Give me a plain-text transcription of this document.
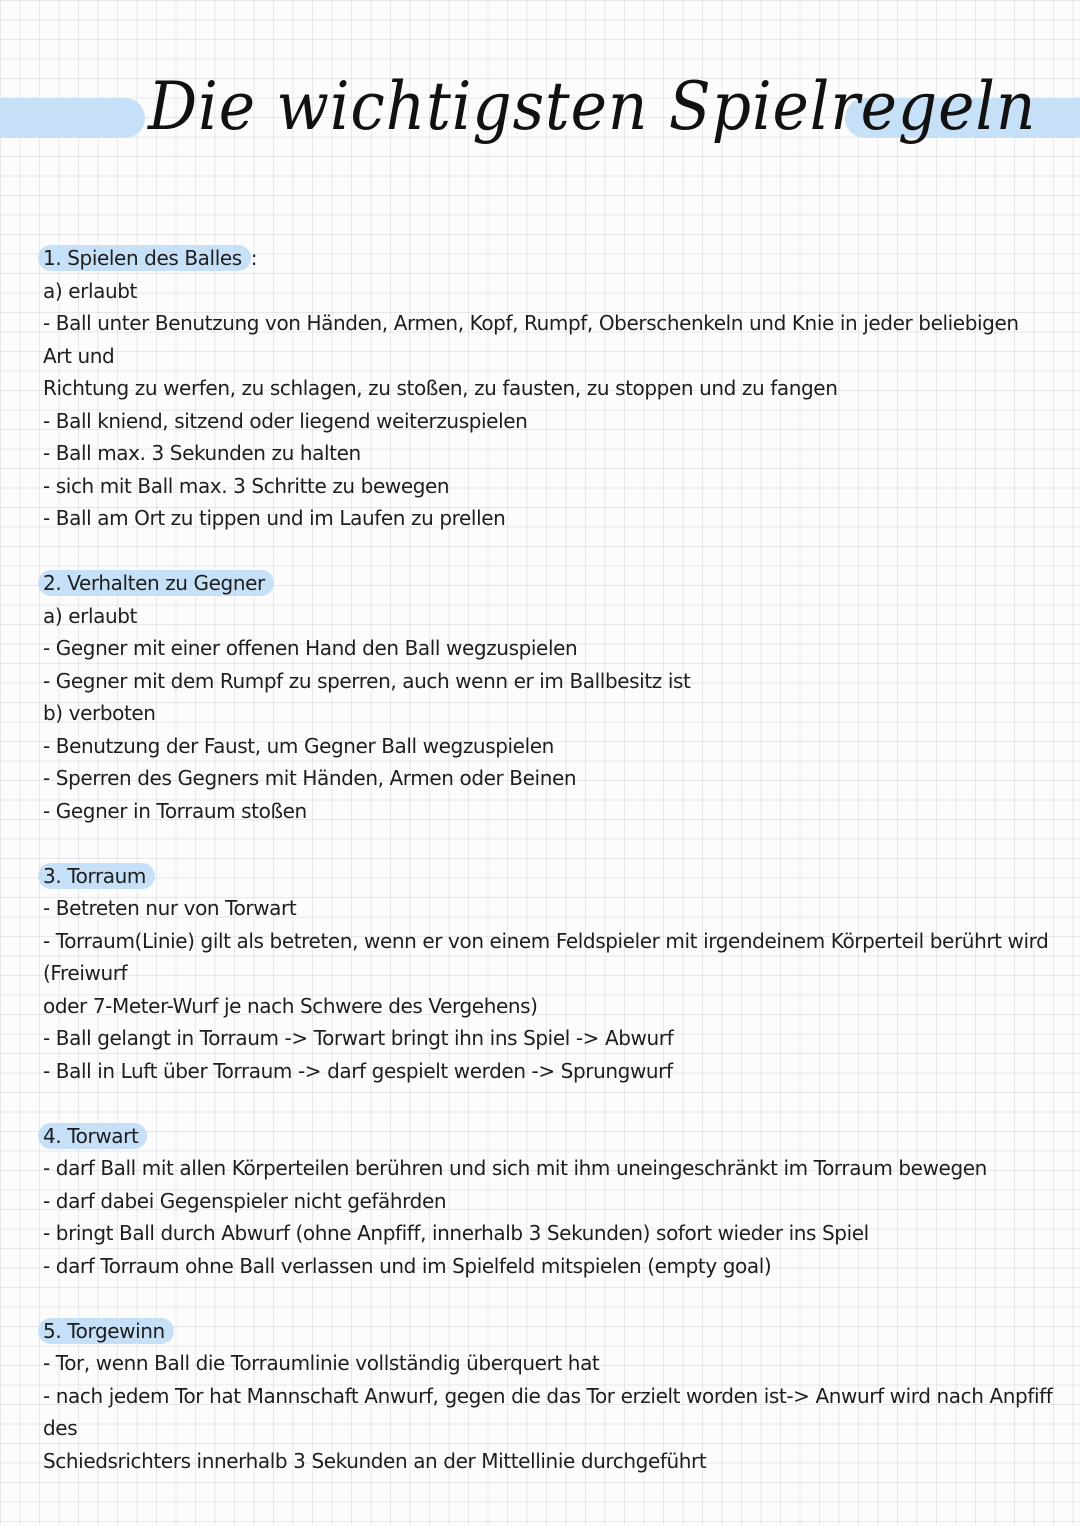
Die wichtigsten Spielregeln
1. Spielen des Balles :
a) erlaubt
- Ball unter Benutzung von Händen, Armen, Kopf, Rumpf, Oberschenkeln und Knie in jeder beliebigen Art und
Richtung zu werfen, zu schlagen, zu stoßen, zu fausten, zu stoppen und zu fangen
- Ball kniend, sitzend oder liegend weiterzuspielen
- Ball max. 3 Sekunden zu halten
- sich mit Ball max. 3 Schritte zu bewegen
- Ball am Ort zu tippen und im Laufen zu prellen
2. Verhalten zu Gegner
a) erlaubt
- Gegner mit einer offenen Hand den Ball wegzuspielen
- Gegner mit dem Rumpf zu sperren, auch wenn er im Ballbesitz ist
b) verboten
- Benutzung der Faust, um Gegner Ball wegzuspielen
- Sperren des Gegners mit Händen, Armen oder Beinen
- Gegner in Torraum stoßen
3. Torraum
- Betreten nur von Torwart
- Torraum(Linie) gilt als betreten, wenn er von einem Feldspieler mit irgendeinem Körperteil berührt wird (Freiwurf
oder 7-Meter-Wurf je nach Schwere des Vergehens)
- Ball gelangt in Torraum -> Torwart bringt ihn ins Spiel -> Abwurf
- Ball in Luft über Torraum -> darf gespielt werden -> Sprungwurf
4. Torwart
- darf Ball mit allen Körperteilen berühren und sich mit ihm uneingeschränkt im Torraum bewegen
- darf dabei Gegenspieler nicht gefährden
- bringt Ball durch Abwurf (ohne Anpfiff, innerhalb 3 Sekunden) sofort wieder ins Spiel
- darf Torraum ohne Ball verlassen und im Spielfeld mitspielen (empty goal)
5. Torgewinn
- Tor, wenn Ball die Torraumlinie vollständig überquert hat
- nach jedem Tor hat Mannschaft Anwurf, gegen die das Tor erzielt worden ist-> Anwurf wird nach Anpfiff des
Schiedsrichters innerhalb 3 Sekunden an der Mittellinie durchgeführt
